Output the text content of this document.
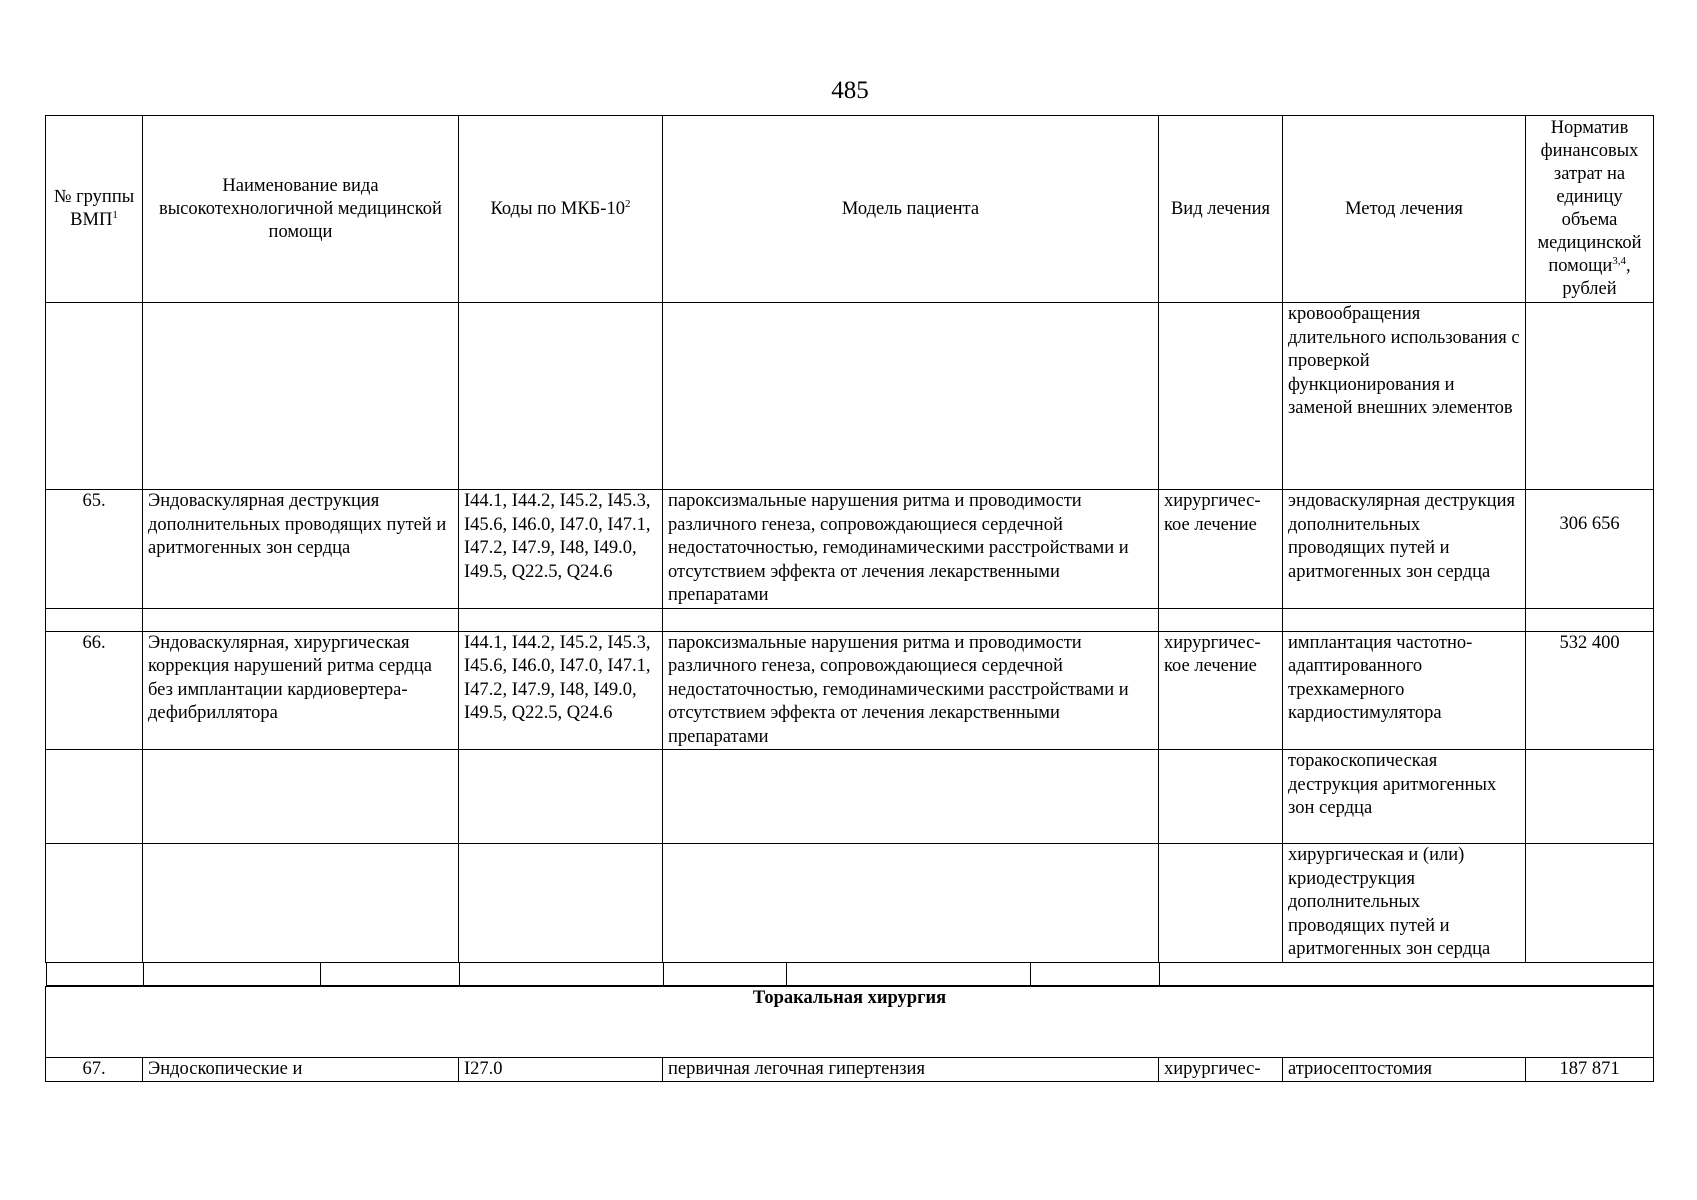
485
№ группы ВМП$^1$	Наименование вида высокотехнологичной медицинской помощи	Коды по МКБ-$10^2$	Модель пациента	Вид лечения	Метод лечения	Норматив финансовых затрат на единицу объема медицинской помощи$^{3,4}$, рублей
					кровообращения длительного использования с проверкой функционирования и заменой внешних элементов	
65.	Эндоваскулярная деструкция дополнительных проводящих путей и аритмогенных зон сердца	I44.1, I44.2, I45.2, I45.3, I45.6, I46.0, I47.0, I47.1, I47.2, I47.9, I48, I49.0, I49.5, Q22.5, Q24.6	пароксизмальные нарушения ритма и проводимости различного генеза, сопровождающиеся сердечной недостаточностью, гемодинамическими расстройствами и отсутствием эффекта от лечения лекарственными препаратами	хирургичес-кое лечение	эндоваскулярная деструкция дополнительных проводящих путей и аритмогенных зон сердца	306 656

66.	Эндоваскулярная, хирургическая коррекция нарушений ритма сердца без имплантации кардиовертера-дефибриллятора	I44.1, I44.2, I45.2, I45.3, I45.6, I46.0, I47.0, I47.1, I47.2, I47.9, I48, I49.0, I49.5, Q22.5, Q24.6	пароксизмальные нарушения ритма и проводимости различного генеза, сопровождающиеся сердечной недостаточностью, гемодинамическими расстройствами и отсутствием эффекта от лечения лекарственными препаратами	хирургичес-кое лечение	имплантация частотно-адаптированного трехкамерного кардиостимулятора	532 400
					торакоскопическая деструкция аритмогенных зон сердца	
					хирургическая и (или) криодеструкция дополнительных проводящих путей и аритмогенных зон сердца	

Торакальная хирургия						
67.	Эндоскопические и	I27.0	первичная легочная гипертензия	хирургичес-	атриосептостомия	187 871
